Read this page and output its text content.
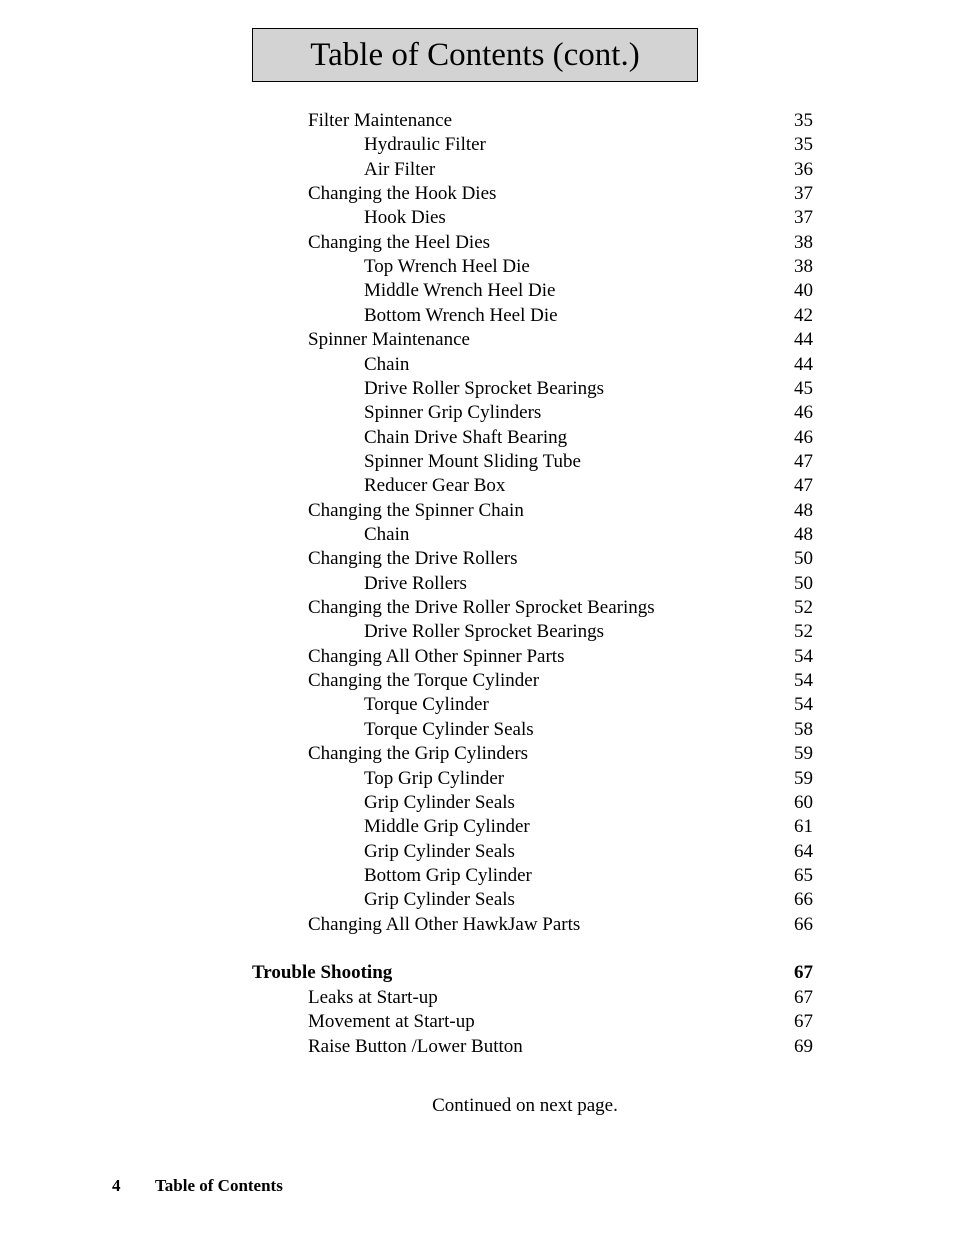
Table of Contents (cont.)
Filter Maintenance	35
Hydraulic Filter	35
Air Filter	36
Changing the Hook Dies	37
Hook Dies	37
Changing the Heel Dies	38
Top Wrench Heel Die	38
Middle Wrench Heel Die	40
Bottom Wrench Heel Die	42
Spinner Maintenance	44
Chain	44
Drive Roller Sprocket Bearings	45
Spinner Grip Cylinders	46
Chain Drive Shaft Bearing	46
Spinner Mount Sliding Tube	47
Reducer Gear Box	47
Changing the Spinner Chain	48
Chain	48
Changing the Drive Rollers	50
Drive Rollers	50
Changing the Drive Roller Sprocket Bearings	52
Drive Roller Sprocket Bearings	52
Changing All Other Spinner Parts	54
Changing the Torque Cylinder	54
Torque Cylinder	54
Torque Cylinder Seals	58
Changing the Grip Cylinders	59
Top Grip Cylinder	59
Grip Cylinder Seals	60
Middle Grip Cylinder	61
Grip Cylinder Seals	64
Bottom Grip Cylinder	65
Grip Cylinder Seals	66
Changing All Other HawkJaw Parts	66
Trouble Shooting	67
Leaks at Start-up	67
Movement at Start-up	67
Raise Button /Lower Button	69
Continued on next page.
4 Table of Contents
